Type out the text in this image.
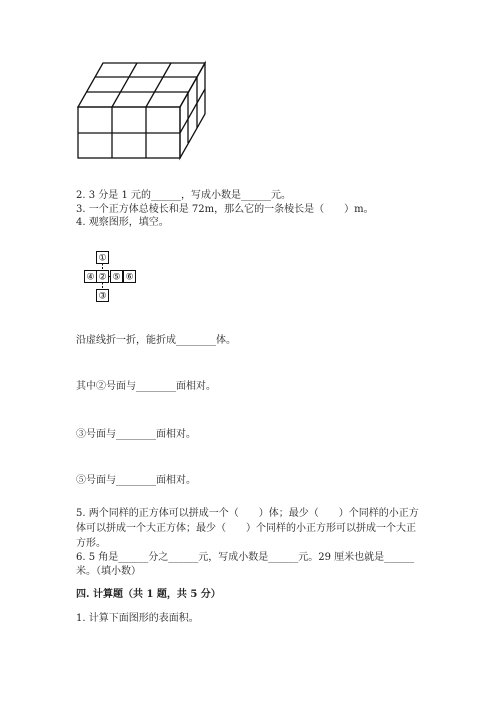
2. 3 分是 1 元的______，写成小数是______元。
3. 一个正方体总棱长和是 72m，那么它的一条棱长是（　　）m。
4. 观察图形，填空。
①
④ ② ⑤ ⑥
③
沿虚线折一折，能折成________体。
其中②号面与________面相对。
③号面与________面相对。
⑤号面与________面相对。
5. 两个同样的正方体可以拼成一个（　　）体；最少（　　）个同样的小正方
体可以拼成一个大正方体；最少（　　）个同样的小正方形可以拼成一个大正
方形。
6. 5 角是______分之______元，写成小数是______元。29 厘米也就是______
米。（填小数）
四. 计算题（共 1 题，共 5 分）
1. 计算下面图形的表面积。
